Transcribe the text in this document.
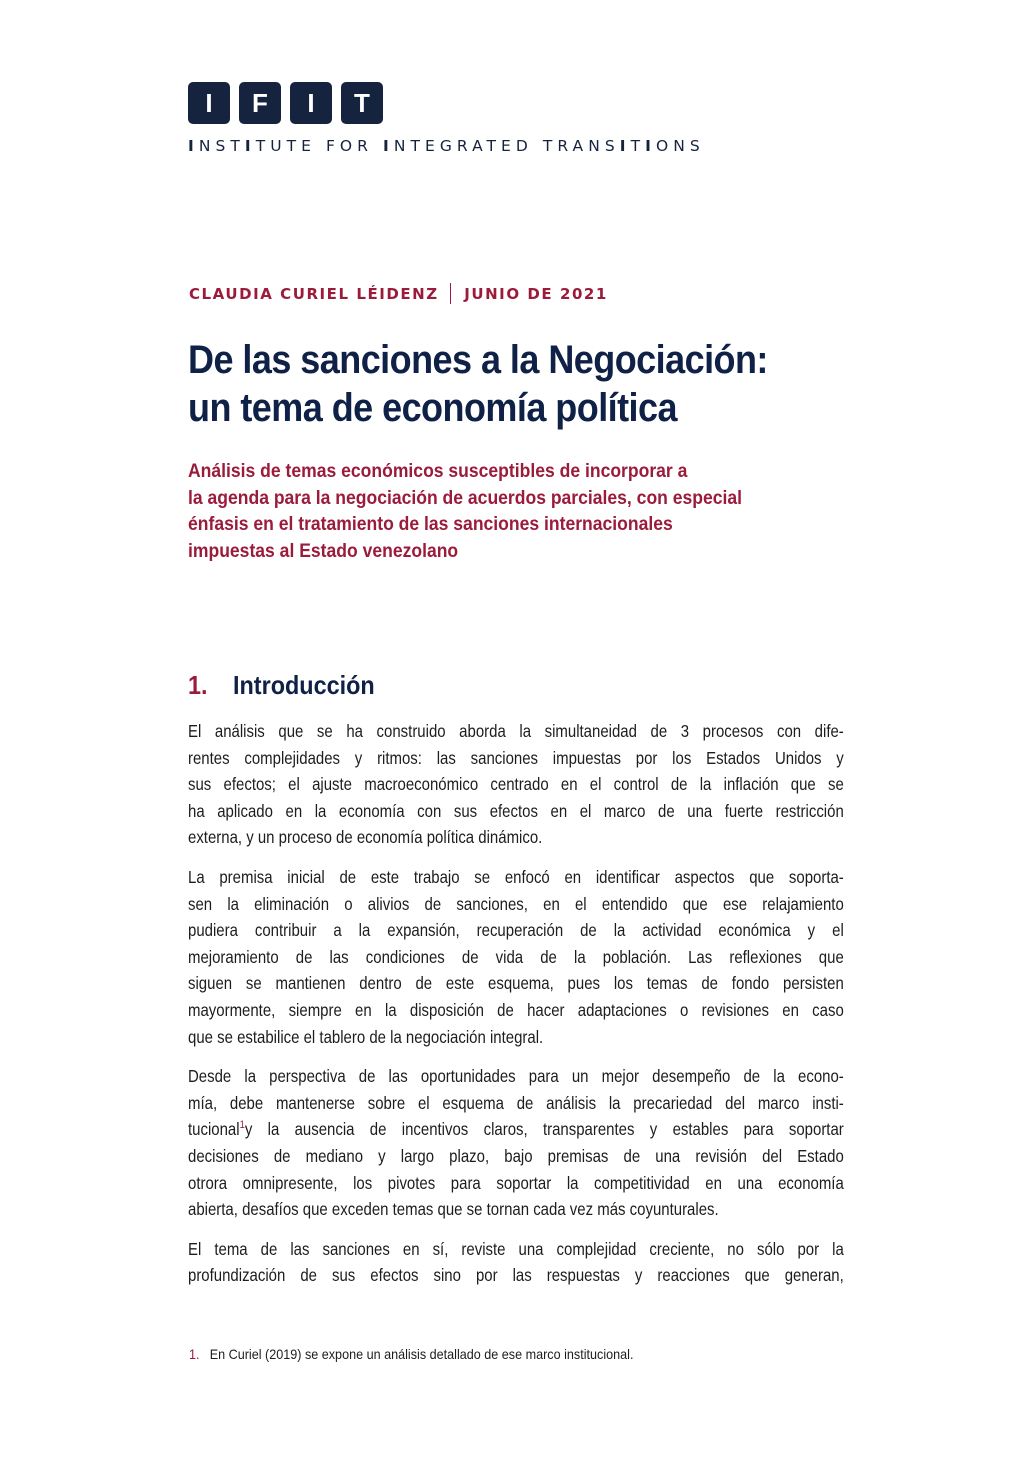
I	F	I	T
INSTITUTE FOR INTEGRATED TRANSITIONS
CLAUDIA CURIEL LÉIDENZ JUNIO DE 2021
De las sanciones a la Negociación:
un tema de economía política
Análisis de temas económicos susceptibles de incorporar a
la agenda para la negociación de acuerdos parciales, con especial
énfasis en el tratamiento de las sanciones internacionales
impuestas al Estado venezolano
1. Introducción

El análisis que se ha construido aborda la simultaneidad de 3 procesos con dife-
rentes complejidades y ritmos: las sanciones impuestas por los Estados Unidos y
sus efectos; el ajuste macroeconómico centrado en el control de la inflación que se
ha aplicado en la economía con sus efectos en el marco de una fuerte restricción
externa, y un proceso de economía política dinámico.

La premisa inicial de este trabajo se enfocó en identificar aspectos que soporta-
sen la eliminación o alivios de sanciones, en el entendido que ese relajamiento
pudiera contribuir a la expansión, recuperación de la actividad económica y el
mejoramiento de las condiciones de vida de la población. Las reflexiones que
siguen se mantienen dentro de este esquema, pues los temas de fondo persisten
mayormente, siempre en la disposición de hacer adaptaciones o revisiones en caso
que se estabilice el tablero de la negociación integral.

Desde la perspectiva de las oportunidades para un mejor desempeño de la econo-
mía, debe mantenerse sobre el esquema de análisis la precariedad del marco insti-
tucional$^1$y la ausencia de incentivos claros, transparentes y estables para soportar
decisiones de mediano y largo plazo, bajo premisas de una revisión del Estado
otrora omnipresente, los pivotes para soportar la competitividad en una economía
abierta, desafíos que exceden temas que se tornan cada vez más coyunturales.

El tema de las sanciones en sí, reviste una complejidad creciente, no sólo por la
profundización de sus efectos sino por las respuestas y reacciones que generan,

1. En Curiel (2019) se expone un análisis detallado de ese marco institucional.
